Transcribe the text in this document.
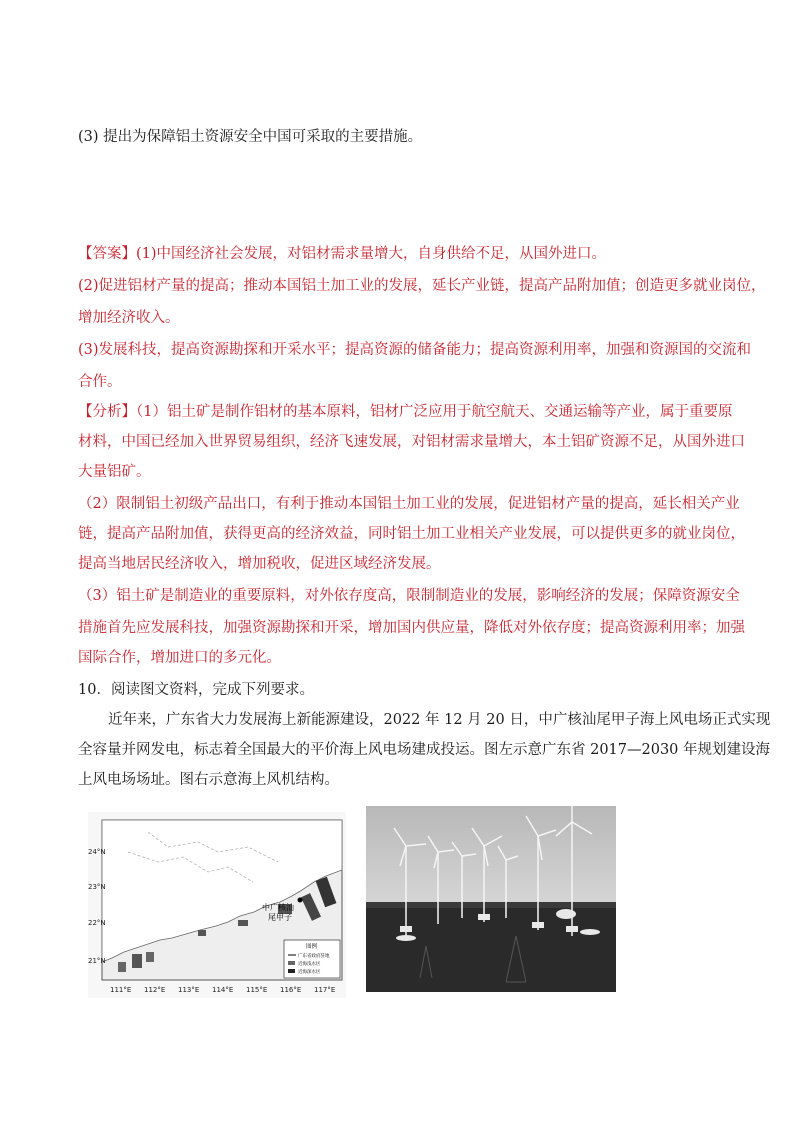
(3) 提出为保障铝土资源安全中国可采取的主要措施。
【答案】(1)中国经济社会发展，对铝材需求量增大，自身供给不足，从国外进口。
(2)促进铝材产量的提高；推动本国铝土加工业的发展，延长产业链，提高产品附加值；创造更多就业岗位，
增加经济收入。
(3)发展科技，提高资源勘探和开采水平；提高资源的储备能力；提高资源利用率，加强和资源国的交流和
合作。
【分析】（1）铝土矿是制作铝材的基本原料，铝材广泛应用于航空航天、交通运输等产业，属于重要原
材料，中国已经加入世界贸易组织，经济飞速发展，对铝材需求量增大，本土铝矿资源不足，从国外进口
大量铝矿。
（2）限制铝土初级产品出口，有利于推动本国铝土加工业的发展，促进铝材产量的提高，延长相关产业
链，提高产品附加值，获得更高的经济效益，同时铝土加工业相关产业发展，可以提供更多的就业岗位，
提高当地居民经济收入，增加税收，促进区域经济发展。
（3）铝土矿是制造业的重要原料，对外依存度高，限制制造业的发展，影响经济的发展；保障资源安全
措施首先应发展科技，加强资源勘探和开采，增加国内供应量，降低对外依存度；提高资源利用率；加强
国际合作，增加进口的多元化。
10．阅读图文资料，完成下列要求。
近年来，广东省大力发展海上新能源建设，2022 年 12 月 20 日，中广核汕尾甲子海上风电场正式实现
全容量并网发电，标志着全国最大的平价海上风电场建成投运。图左示意广东省 2017—2030 年规划建设海
上风电场场址。图右示意海上风机结构。
中广核汕
尾甲子
24°N
23°N
22°N
21°N
111°E 112°E 113°E 114°E 115°E 116°E 117°E
图例
广东省政府驻地
近海浅水区
近海深水区
